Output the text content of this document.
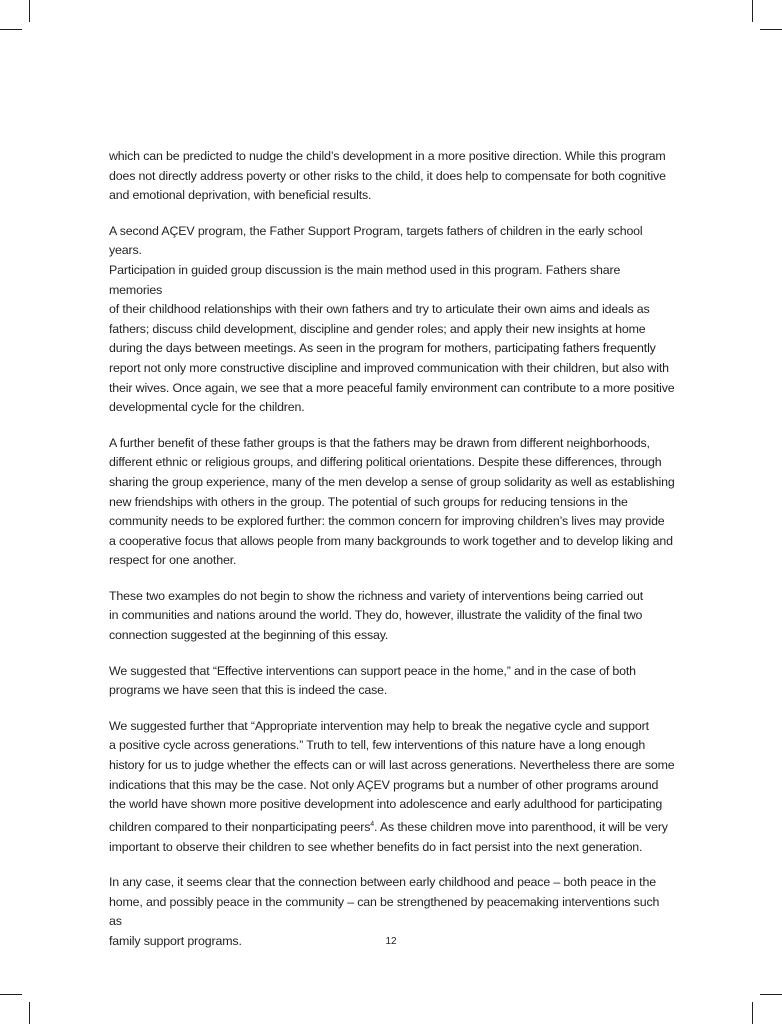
which can be predicted to nudge the child’s development in a more positive direction. While this program
does not directly address poverty or other risks to the child, it does help to compensate for both cognitive
and emotional deprivation, with beneficial results.

A second AÇEV program, the Father Support Program, targets fathers of children in the early school years.
Participation in guided group discussion is the main method used in this program. Fathers share memories
of their childhood relationships with their own fathers and try to articulate their own aims and ideals as
fathers; discuss child development, discipline and gender roles; and apply their new insights at home
during the days between meetings. As seen in the program for mothers, participating fathers frequently
report not only more constructive discipline and improved communication with their children, but also with
their wives. Once again, we see that a more peaceful family environment can contribute to a more positive
developmental cycle for the children.

A further benefit of these father groups is that the fathers may be drawn from different neighborhoods,
different ethnic or religious groups, and differing political orientations. Despite these differences, through
sharing the group experience, many of the men develop a sense of group solidarity as well as establishing
new friendships with others in the group. The potential of such groups for reducing tensions in the
community needs to be explored further: the common concern for improving children’s lives may provide
a cooperative focus that allows people from many backgrounds to work together and to develop liking and
respect for one another.

These two examples do not begin to show the richness and variety of interventions being carried out
in communities and nations around the world. They do, however, illustrate the validity of the final two
connection suggested at the beginning of this essay.

We suggested that “Effective interventions can support peace in the home,” and in the case of both
programs we have seen that this is indeed the case.

We suggested further that “Appropriate intervention may help to break the negative cycle and support
a positive cycle across generations.” Truth to tell, few interventions of this nature have a long enough
history for us to judge whether the effects can or will last across generations. Nevertheless there are some
indications that this may be the case. Not only AÇEV programs but a number of other programs around
the world have shown more positive development into adolescence and early adulthood for participating
children compared to their nonparticipating peers$^4$. As these children move into parenthood, it will be very
important to observe their children to see whether benefits do in fact persist into the next generation.

In any case, it seems clear that the connection between early childhood and peace – both peace in the
home, and possibly peace in the community – can be strengthened by peacemaking interventions such as
family support programs.	12
